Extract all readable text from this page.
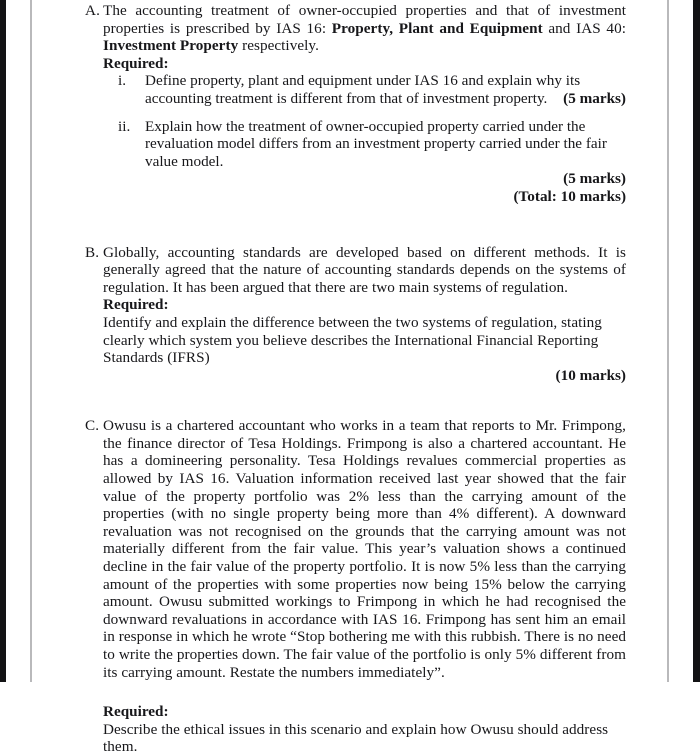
A. The accounting treatment of owner-occupied properties and that of investment properties is prescribed by IAS 16: Property, Plant and Equipment and IAS 40: Investment Property respectively.

Required:

i.	Define property, plant and equipment under IAS 16 and explain why its accounting treatment is different from that of investment property. (5 marks)

ii. Explain how the treatment of owner-occupied property carried under the revaluation model differs from an investment property carried under the fair value model.

(5 marks)
(Total: 10 marks)
B. Globally, accounting standards are developed based on different methods. It is generally agreed that the nature of accounting standards depends on the systems of regulation. It has been argued that there are two main systems of regulation.

Required:

Identify and explain the difference between the two systems of regulation, stating clearly which system you believe describes the International Financial Reporting Standards (IFRS)

(10 marks)
C. Owusu is a chartered accountant who works in a team that reports to Mr. Frimpong, the finance director of Tesa Holdings. Frimpong is also a chartered accountant. He has a domineering personality. Tesa Holdings revalues commercial properties as allowed by IAS 16. Valuation information received last year showed that the fair value of the property portfolio was 2% less than the carrying amount of the properties (with no single property being more than 4% different). A downward revaluation was not recognised on the grounds that the carrying amount was not materially different from the fair value. This year’s valuation shows a continued decline in the fair value of the property portfolio. It is now 5% less than the carrying amount of the properties with some properties now being 15% below the carrying amount. Owusu submitted workings to Frimpong in which he had recognised the downward revaluations in accordance with IAS 16. Frimpong has sent him an email in response in which he wrote “Stop bothering me with this rubbish. There is no need to write the properties down. The fair value of the portfolio is only 5% different from its carrying amount. Restate the numbers immediately”.

Required:

Describe the ethical issues in this scenario and explain how Owusu should address them.
